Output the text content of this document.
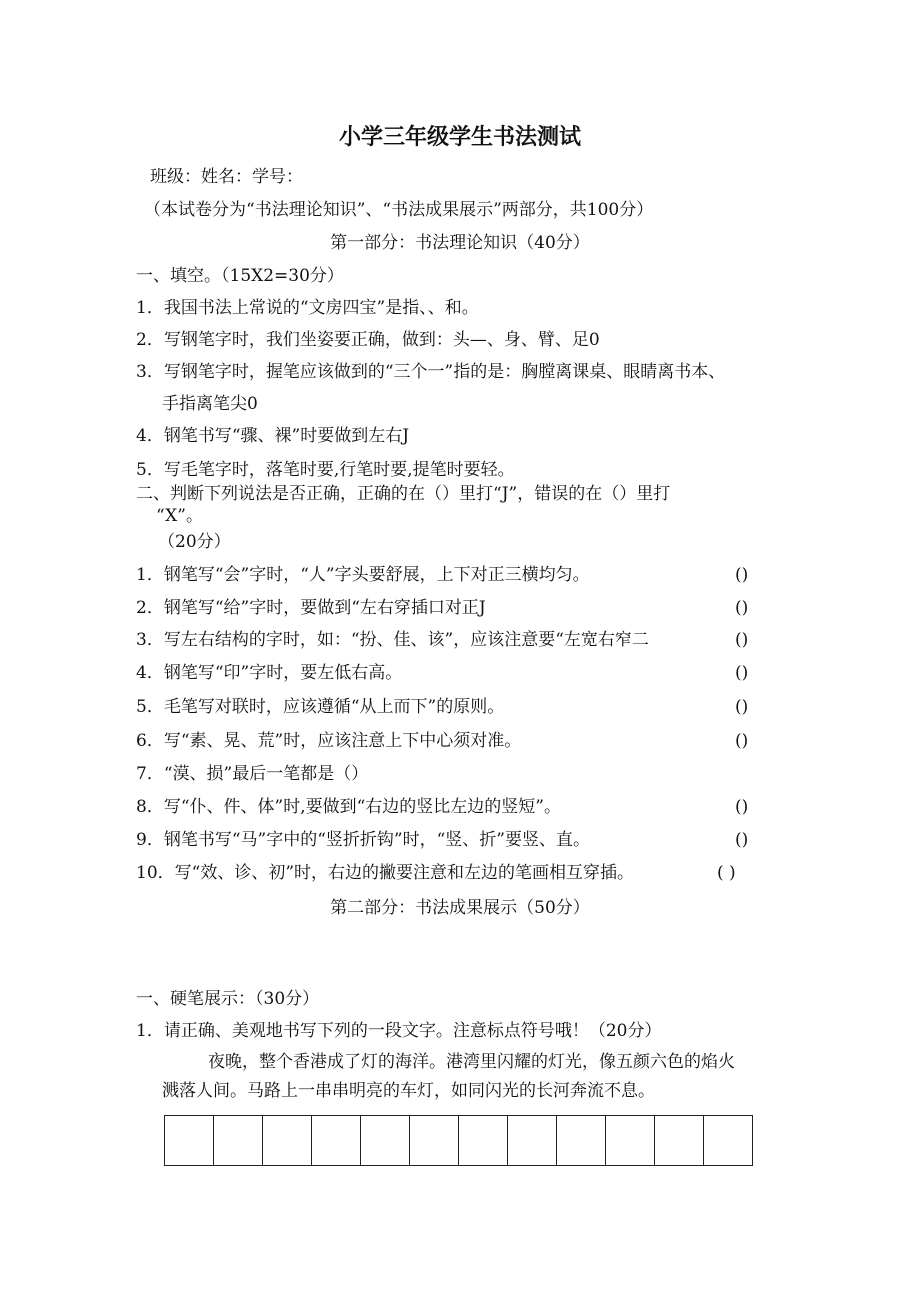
小学三年级学生书法测试
班级：姓名：学号：
（本试卷分为“书法理论知识”、“书法成果展示”两部分，共100分）
第一部分：书法理论知识（40分）
一、填空。（15X2=30分）
1．我国书法上常说的“文房四宝”是指、、和。
2．写钢笔字时，我们坐姿要正确，做到：头—、身、臂、足0
3．写钢笔字时，握笔应该做到的“三个一”指的是：胸膛离课桌、眼睛离书本、
手指离笔尖0
4．钢笔书写“骤、裸”时要做到左右J
5．写毛笔字时，落笔时要,行笔时要,提笔时要轻。
二、判断下列说法是否正确，正确的在（）里打“J”，错误的在（）里打
“X”。
（20分）
1．钢笔写“会”字时，“人”字头要舒展，上下对正三横均匀。	()
2．钢笔写“给”字时，要做到“左右穿插口对正J	()
3．写左右结构的字时，如：“扮、佳、该”，应该注意要“左宽右窄二	()
4．钢笔写“印”字时，要左低右高。	()
5．毛笔写对联时，应该遵循“从上而下”的原则。	()
6．写“素、晃、荒”时，应该注意上下中心须对准。	()
7．“漠、损”最后一笔都是（）
8．写“仆、件、体”时,要做到“右边的竖比左边的竖短”。	()
9．钢笔书写“马”字中的“竖折折钩”时，“竖、折”要竖、直。	()
10．写“效、诊、初”时，右边的撇要注意和左边的笔画相互穿插。	( )
第二部分：书法成果展示（50分）
一、硬笔展示：（30分）
1．请正确、美观地书写下列的一段文字。注意标点符号哦！（20分）
夜晚，整个香港成了灯的海洋。港湾里闪耀的灯光，像五颜六色的焰火
溅落人间。马路上一串串明亮的车灯，如同闪光的长河奔流不息。
